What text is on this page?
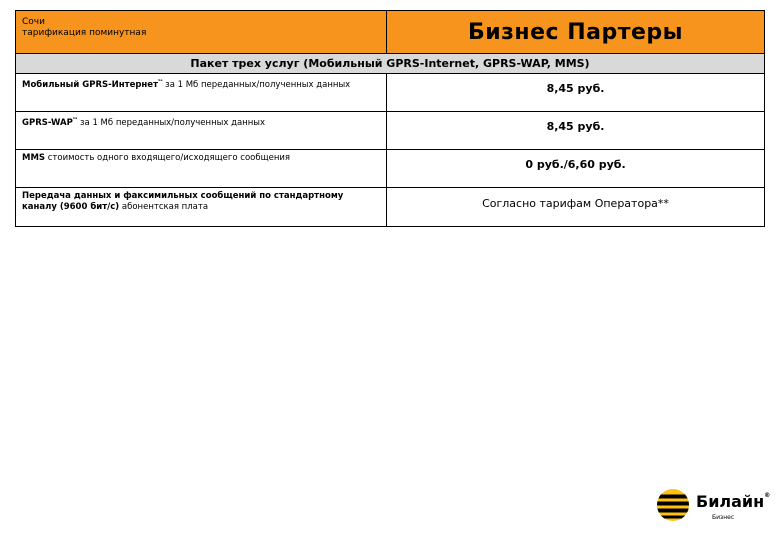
Сочи
тарификация поминутная	Бизнес Партеры
Пакет трех услуг (Мобильный GPRS-Internet, GPRS-WAP, MMS)	
Мобильный GPRS-Интернет$^{^1ᵃ}$ за 1 Мб переданных/полученных данных	8,45 руб.
GPRS-$WAP^{^1ᵃ}$ за 1 Мб переданных/полученных данных	8,45 руб.
MMS стоимость одного входящего/исходящего сообщения	0 руб./6,60 руб.
Передача данных и факсимильных сообщений по стандартному каналу (9600 бит/с) абонентская плата	Согласно тарифам Оператора**
Билайн®
Бизнес
